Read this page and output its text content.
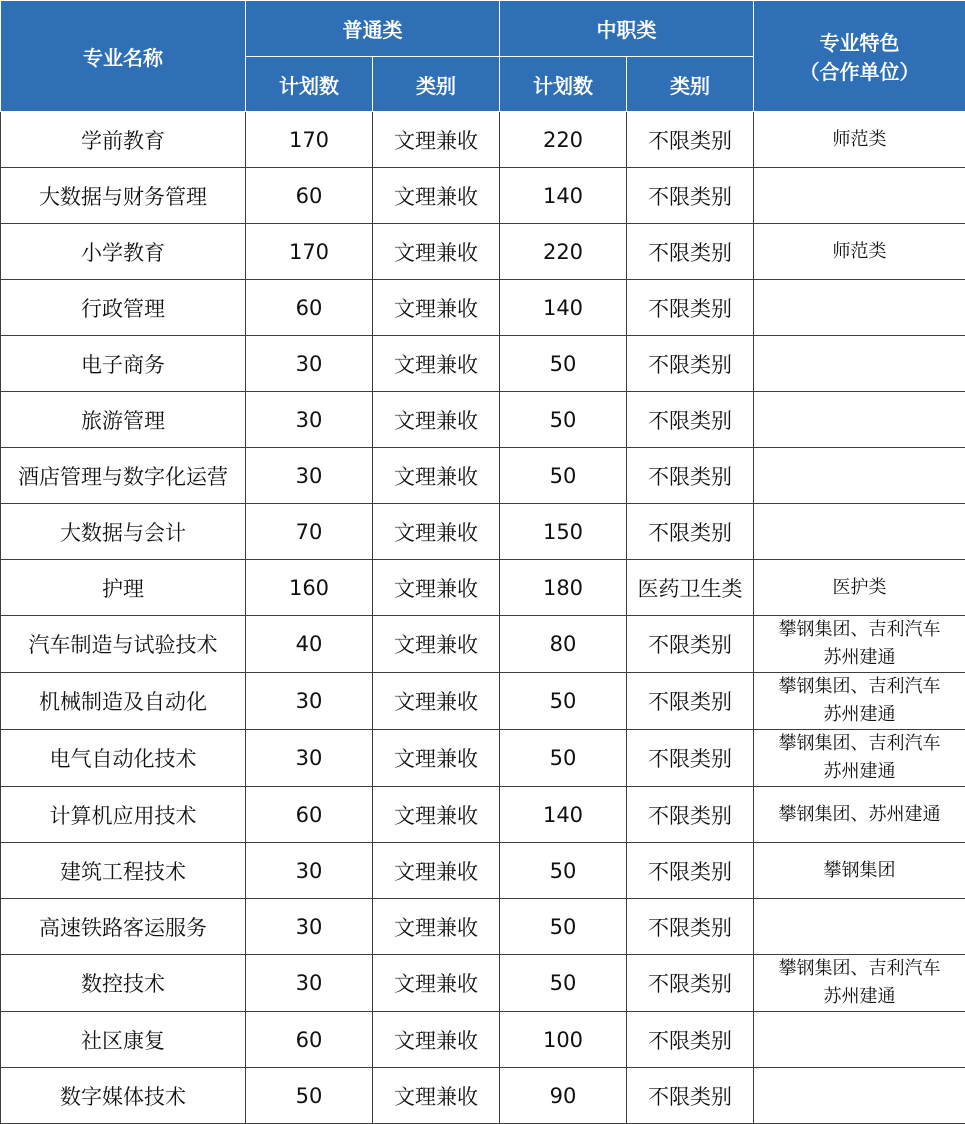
专业名称	普通类		中职类		专业特色
（合作单位）

	计划数	类别	计划数	类别	
学前教育	170	文理兼收	220	不限类别	师范类

大数据与财务管理	60	文理兼收	140	不限类别	

小学教育	170	文理兼收	220	不限类别	师范类

行政管理	60	文理兼收	140	不限类别	

电子商务	30	文理兼收	50	不限类别	

旅游管理	30	文理兼收	50	不限类别	

酒店管理与数字化运营	30	文理兼收	50	不限类别	

大数据与会计	70	文理兼收	150	不限类别	

护理	160	文理兼收	180	医药卫生类	医护类

汽车制造与试验技术	40	文理兼收	80	不限类别	攀钢集团、吉利汽车
苏州建通

机械制造及自动化	30	文理兼收	50	不限类别	攀钢集团、吉利汽车
苏州建通

电气自动化技术	30	文理兼收	50	不限类别	攀钢集团、吉利汽车
苏州建通

计算机应用技术	60	文理兼收	140	不限类别	攀钢集团、苏州建通

建筑工程技术	30	文理兼收	50	不限类别	攀钢集团

高速铁路客运服务	30	文理兼收	50	不限类别	

数控技术	30	文理兼收	50	不限类别	攀钢集团、吉利汽车
苏州建通

社区康复	60	文理兼收	100	不限类别	

数字媒体技术	50	文理兼收	90	不限类别	
